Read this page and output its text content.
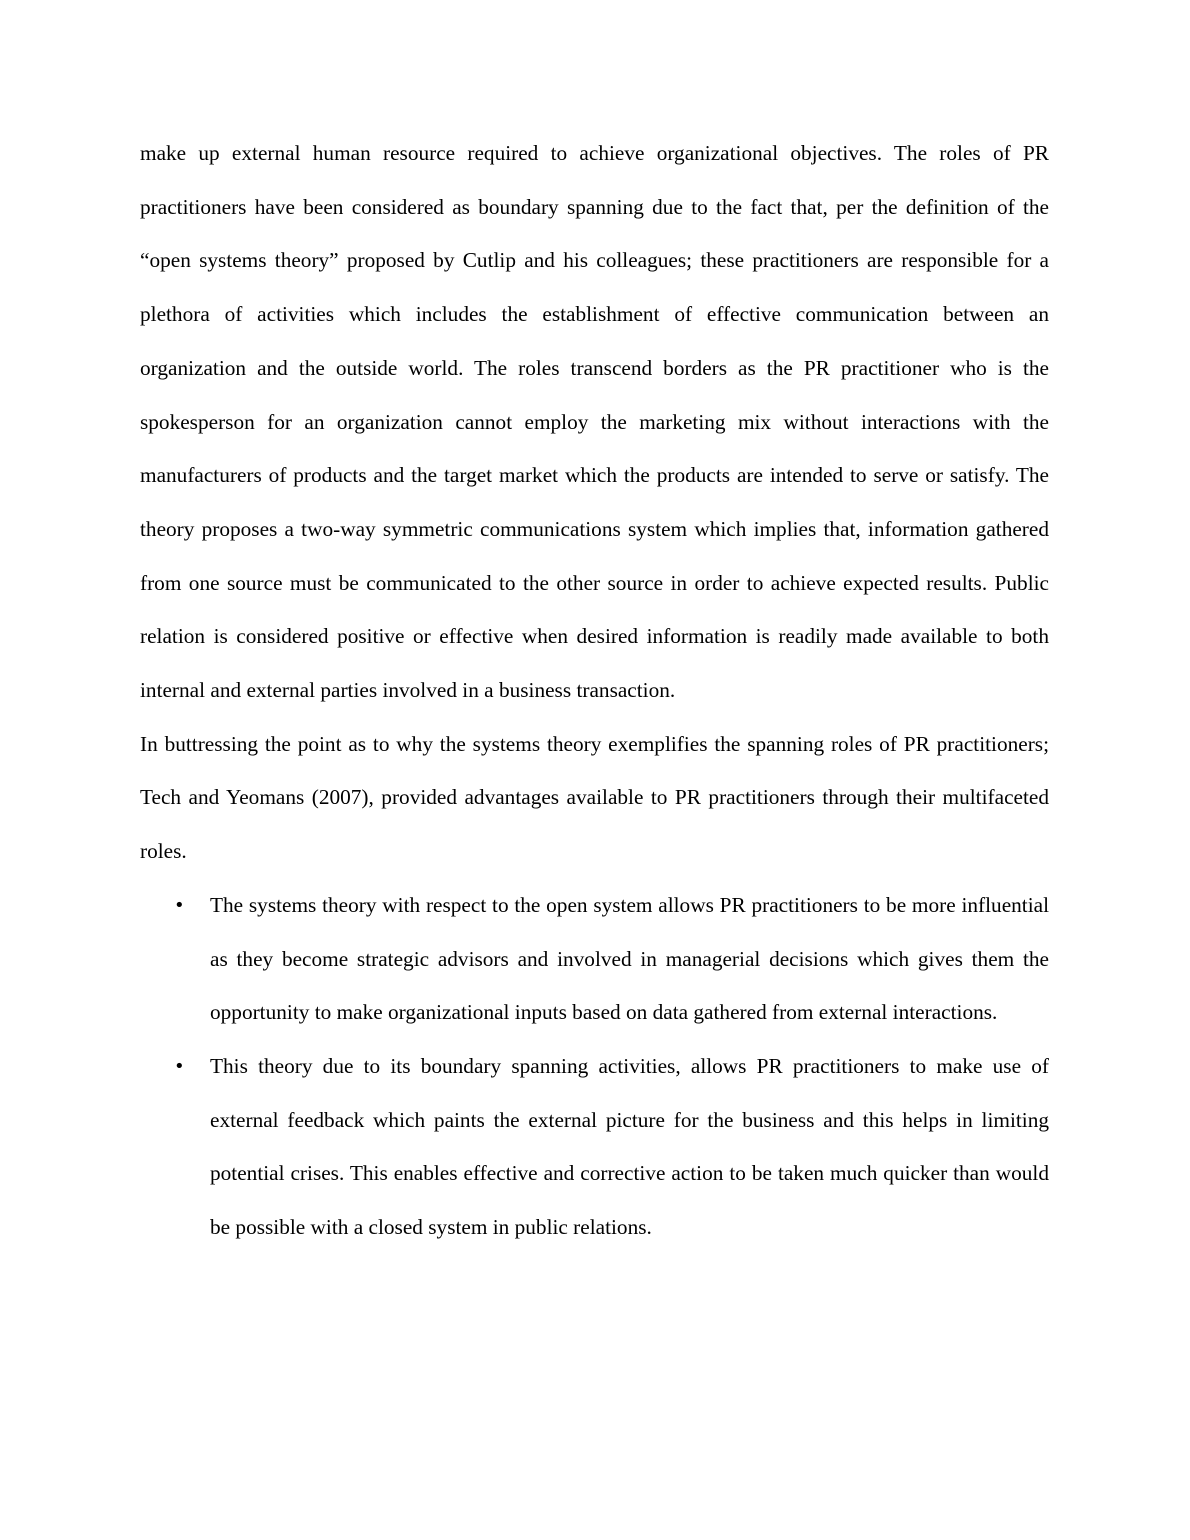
make up external human resource required to achieve organizational objectives. The roles of PR practitioners have been considered as boundary spanning due to the fact that, per the definition of the “open systems theory” proposed by Cutlip and his colleagues; these practitioners are responsible for a plethora of activities which includes the establishment of effective communication between an organization and the outside world. The roles transcend borders as the PR practitioner who is the spokesperson for an organization cannot employ the marketing mix without interactions with the manufacturers of products and the target market which the products are intended to serve or satisfy. The theory proposes a two-way symmetric communications system which implies that, information gathered from one source must be communicated to the other source in order to achieve expected results. Public relation is considered positive or effective when desired information is readily made available to both internal and external parties involved in a business transaction.

In buttressing the point as to why the systems theory exemplifies the spanning roles of PR practitioners; Tech and Yeomans (2007), provided advantages available to PR practitioners through their multifaceted roles.

• The systems theory with respect to the open system allows PR practitioners to be more influential as they become strategic advisors and involved in managerial decisions which gives them the opportunity to make organizational inputs based on data gathered from external interactions.
• This theory due to its boundary spanning activities, allows PR practitioners to make use of external feedback which paints the external picture for the business and this helps in limiting potential crises. This enables effective and corrective action to be taken much quicker than would be possible with a closed system in public relations.
